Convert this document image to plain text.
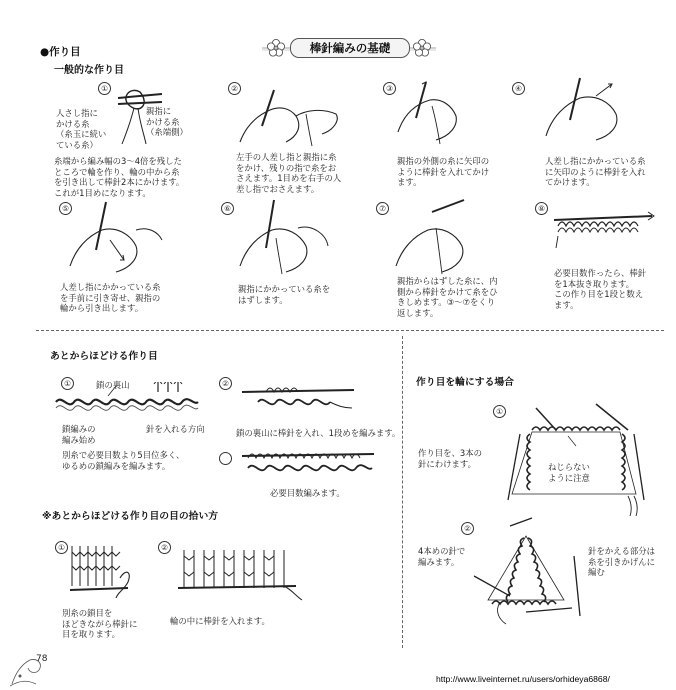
棒針編みの基礎
●作り目
一般的な作り目
①
人さし指に
かける糸
（糸玉に続い
ている糸）
親指に
かける糸
（糸端側）
糸端から編み幅の3～4倍を残した
ところで輪を作り、輪の中から糸
を引き出して棒針2本にかけます。
これが1目めになります。
②
左手の人差し指と親指に糸
をかけ、残りの指で糸をお
さえます。1目めを右手の人
差し指でおさえます。
③
親指の外側の糸に矢印の
ように棒針を入れてかけ
ます。
④
人差し指にかかっている糸
に矢印のように棒針を入れ
てかけます。
⑤
人差し指にかかっている糸
を手前に引き寄せ、親指の
輪から引き出します。
⑥
親指にかかっている糸を
はずします。
⑦
親指からはずした糸に、内
側から棒針をかけて糸をひ
きしめます。③～⑦をくり
返します。
⑧
必要目数作ったら、棒針
を1本抜き取ります。
この作り目を1段と数え
ます。
あとからほどける作り目
①	鎖の裏山
鎖編みの
編み始め
針を入れる方向
別糸で必要目数より5目位多く、
ゆるめの鎖編みを編みます。
②
鎖の裏山に棒針を入れ、1段めを編みます。
必要目数編みます。
※あとからほどける作り目の目の拾い方
①
別糸の鎖目を
ほどきながら棒針に
目を取ります。
②
輪の中に棒針を入れます。
作り目を輪にする場合
①
作り目を、3本の
針にわけます。	ねじらない
ように注意
②
4本めの針で
編みます。
針をかえる部分は
糸を引きかげんに
編む
78
http://www.liveinternet.ru/users/orhideya6868/
